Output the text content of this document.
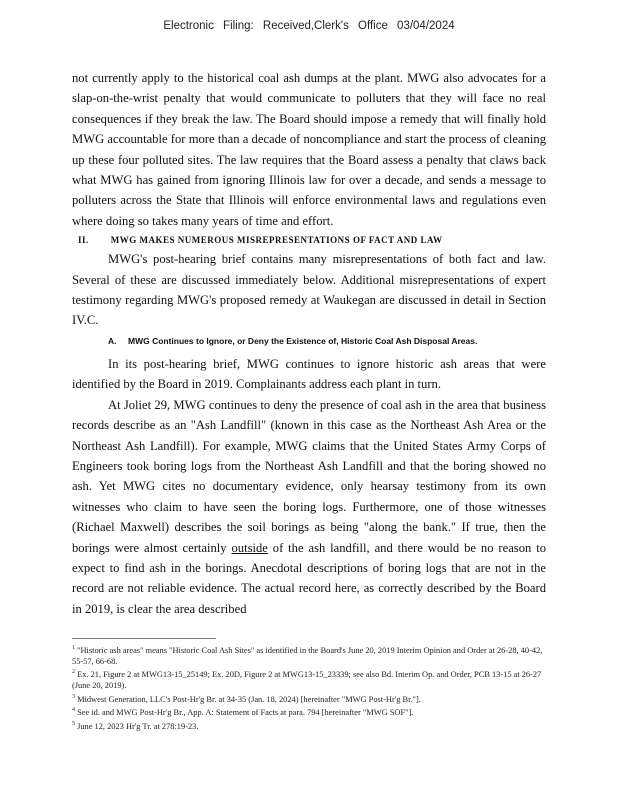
Electronic Filing: Received,Clerk's Office 03/04/2024

not currently apply to the historical coal ash dumps at the plant. MWG also advocates for a slap-on-the-wrist penalty that would communicate to polluters that they will face no real consequences if they break the law. The Board should impose a remedy that will finally hold MWG accountable for more than a decade of noncompliance and start the process of cleaning up these four polluted sites. The law requires that the Board assess a penalty that claws back what MWG has gained from ignoring Illinois law for over a decade, and sends a message to polluters across the State that Illinois will enforce environmental laws and regulations even where doing so takes many years of time and effort.

II. MWG MAKES NUMEROUS MISREPRESENTATIONS OF FACT AND LAW

MWG's post-hearing brief contains many misrepresentations of both fact and law. Several of these are discussed immediately below. Additional misrepresentations of expert testimony regarding MWG's proposed remedy at Waukegan are discussed in detail in Section IV.C.

A.	MWG Continues to Ignore, or Deny the Existence of, Historic Coal Ash Disposal Areas.

In its post-hearing brief, MWG continues to ignore historic ash areas that were identified by the Board in 2019. Complainants address each plant in turn.

At Joliet 29, MWG continues to deny the presence of coal ash in the area that business records describe as an "Ash Landfill" (known in this case as the Northeast Ash Area or the Northeast Ash Landfill). For example, MWG claims that the United States Army Corps of Engineers took boring logs from the Northeast Ash Landfill and that the boring showed no ash. Yet MWG cites no documentary evidence, only hearsay testimony from its own witnesses who claim to have seen the boring logs. Furthermore, one of those witnesses (Richael Maxwell) describes the soil borings as being "along the bank." If true, then the borings were almost certainly outside of the ash landfill, and there would be no reason to expect to find ash in the borings. Anecdotal descriptions of boring logs that are not in the record are not reliable evidence. The actual record here, as correctly described by the Board in 2019, is clear the area described

$^1$ "Historic ash areas" means "Historic Coal Ash Sites" as identified in the Board's June 20, 2019 Interim Opinion and Order at 26-28, 40-42, 55-57, 66-68.

$^2$ Ex. 21, Figure 2 at MWG13-15_25149; Ex. 20D, Figure 2 at MWG13-15_23339; see also Bd. Interim Op. and Order, PCB 13-15 at 26-27 (June 20, 2019).

$^3$ Midwest Generation, LLC's Post-Hr'g Br. at 34-35 (Jan. 18, 2024) [hereinafter "MWG Post-Hr'g Br."].

$^4$ See id. and MWG Post-Hr'g Br., App. A: Statement of Facts at para. 794 [hereinafter "MWG SOF"].

$^5$ June 12, 2023 Hr'g Tr. at 278:19-23.
